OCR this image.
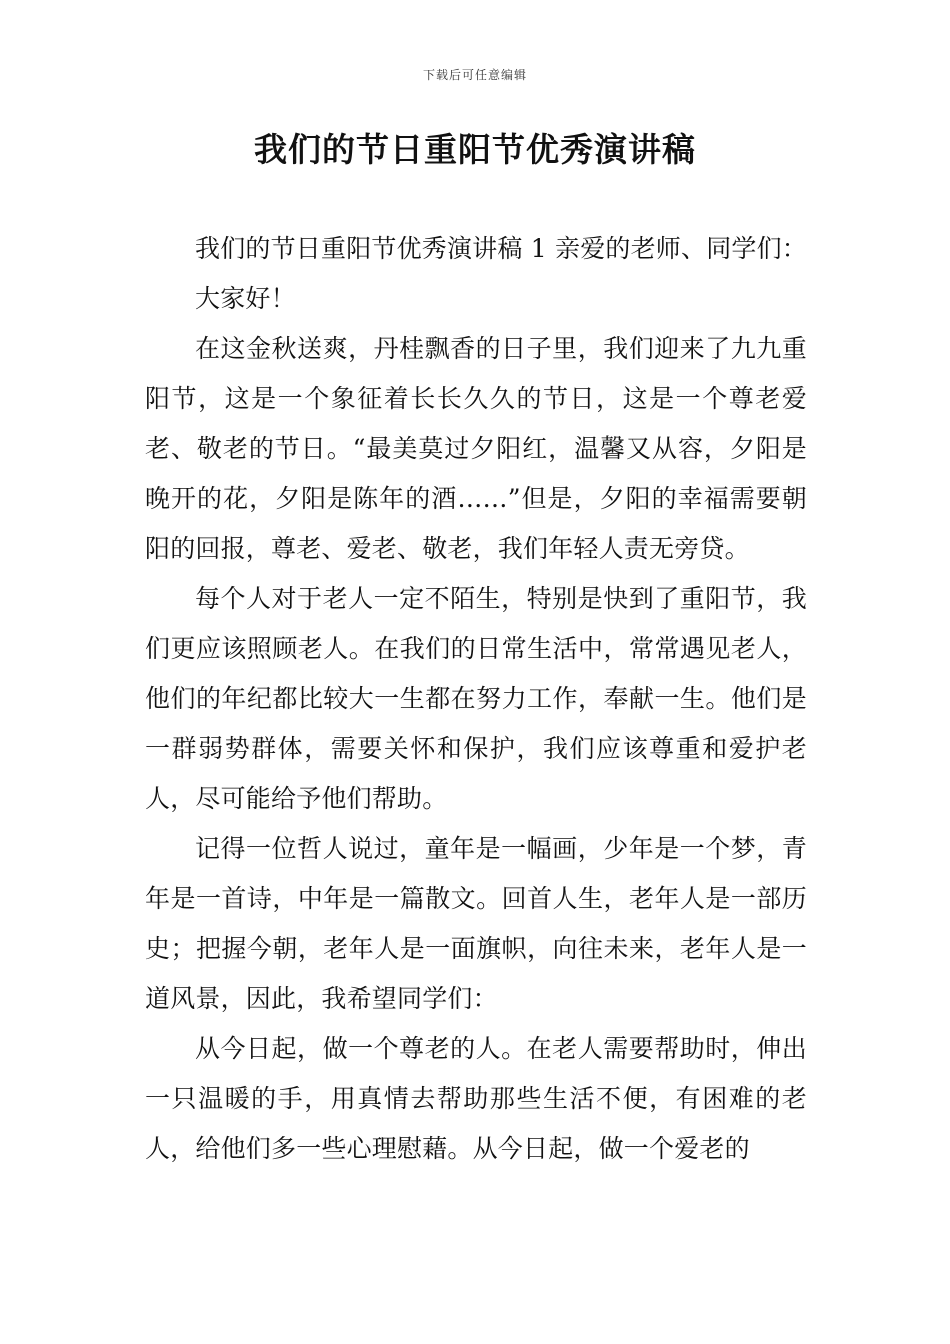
下载后可任意编辑
我们的节日重阳节优秀演讲稿

我们的节日重阳节优秀演讲稿 1 亲爱的老师、同学们：

大家好！

在这金秋送爽，丹桂飘香的日子里，我们迎来了九九重阳节，这是一个象征着长长久久的节日，这是一个尊老爱老、敬老的节日。“最美莫过夕阳红，温馨又从容，夕阳是晚开的花，夕阳是陈年的酒……”但是，夕阳的幸福需要朝阳的回报，尊老、爱老、敬老，我们年轻人责无旁贷。

每个人对于老人一定不陌生，特别是快到了重阳节，我们更应该照顾老人。在我们的日常生活中，常常遇见老人，他们的年纪都比较大一生都在努力工作，奉献一生。他们是一群弱势群体，需要关怀和保护，我们应该尊重和爱护老人，尽可能给予他们帮助。

记得一位哲人说过，童年是一幅画，少年是一个梦，青年是一首诗，中年是一篇散文。回首人生，老年人是一部历史；把握今朝，老年人是一面旗帜，向往未来，老年人是一道风景，因此，我希望同学们：

从今日起，做一个尊老的人。在老人需要帮助时，伸出一只温暖的手，用真情去帮助那些生活不便，有困难的老人，给他们多一些心理慰藉。从今日起，做一个爱老的
